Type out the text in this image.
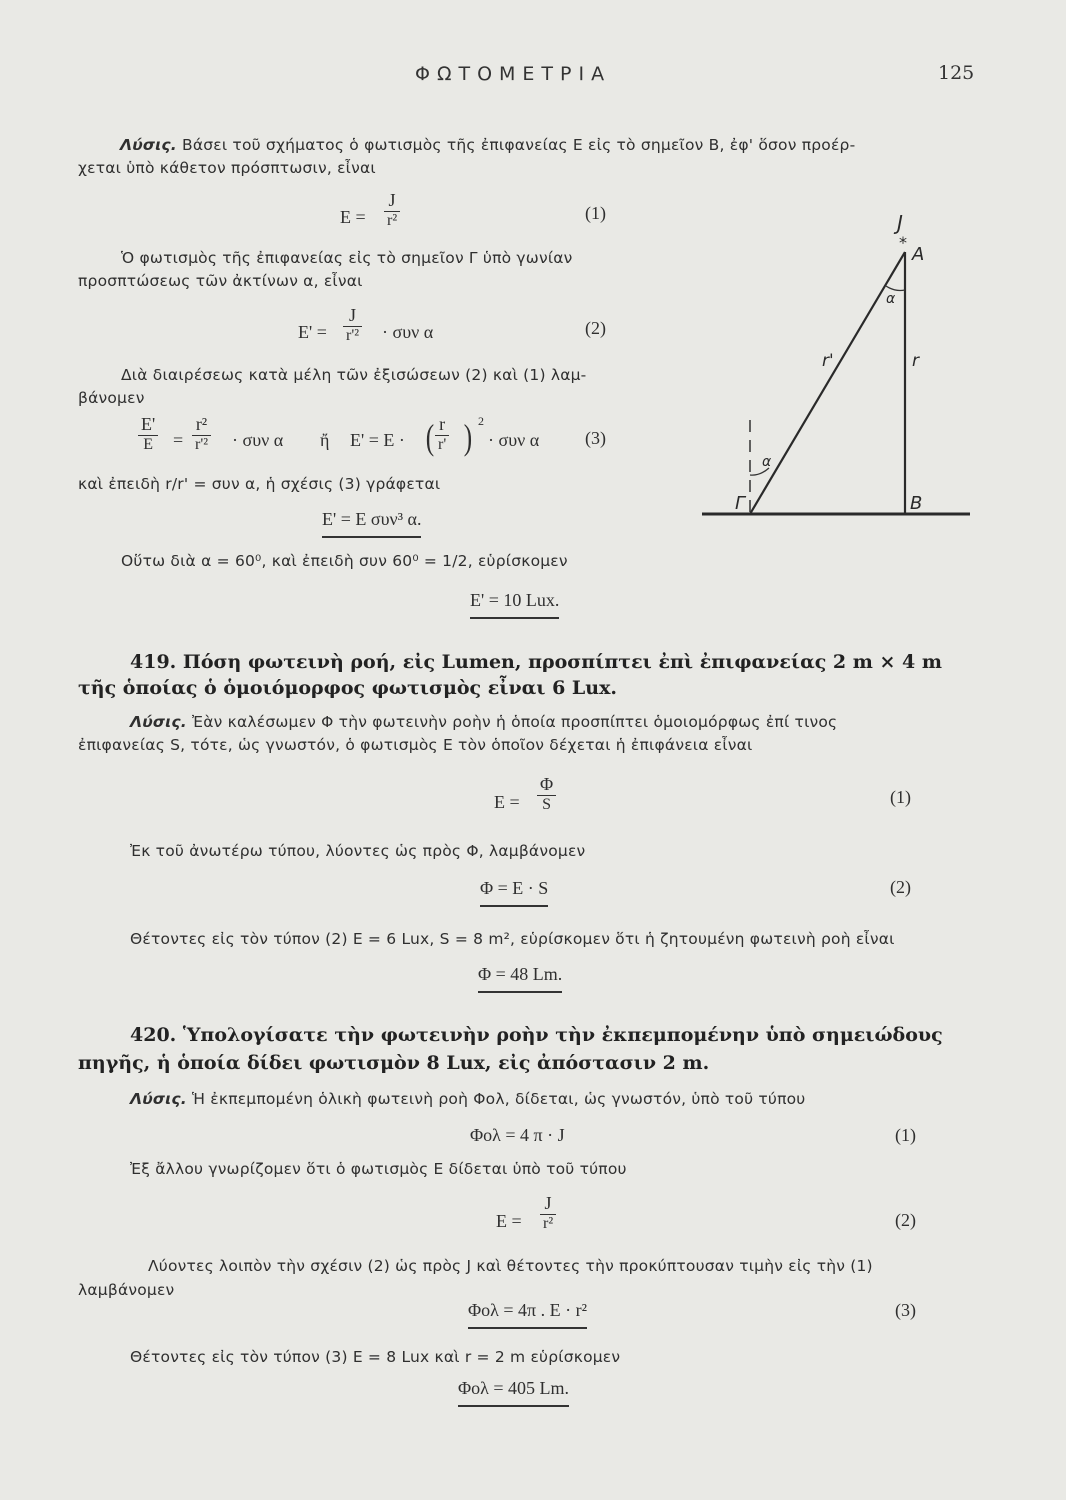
ΦΩΤΟΜΕΤΡΙΑ	125
Λύσις. Βάσει τοῦ σχήματος ὁ φωτισμὸς τῆς ἐπιφανείας Ε εἰς τὸ σημεῖον Β, ἐφ' ὅσον προέρ-
χεται ὑπὸ κάθετον πρόσπτωσιν, εἶναι
$E = \frac{J}{\text{r²}}$	(1)
Ὁ φωτισμὸς τῆς ἐπιφανείας εἰς τὸ σημεῖον Γ ὑπὸ γωνίαν
προσπτώσεως τῶν ἀκτίνων α, εἶναι
$E' = \frac{J}{\text{r'²}} \cdot \sigma\upsilon\nu$ α	(2)
Διὰ διαιρέσεως κατὰ μέλη τῶν ἐξισώσεων (2) καὶ (1) λαμ-
βάνομεν
$\frac{E'}{E} = \frac{\text{r²}}{\text{r'²}} \cdot \sigma\upsilon\nu$ α ἤ E' = E · ( $\frac{r}{r'}$ ) 2
· συν α	(3)
καὶ ἐπειδὴ r/r' = συν α, ἡ σχέσις (3) γράφεται
E' = E συν³ α.
Οὕτω διὰ α = 60⁰, καὶ ἐπειδὴ συν 60⁰ = 1/2, εὑρίσκομεν
E' = 10 Lux.
J
*
A
α
r'	r
α
Γ	B
419. Πόση φωτεινὴ ροή, εἰς Lumen, προσπίπτει ἐπὶ ἐπιφανείας 2 m × 4 m
τῆς ὁποίας ὁ ὁμοιόμορφος φωτισμὸς εἶναι 6 Lux.
Λύσις. Ἐὰν καλέσωμεν Φ τὴν φωτεινὴν ροὴν ἡ ὁποία προσπίπτει ὁμοιομόρφως ἐπί τινος
ἐπιφανείας S, τότε, ὡς γνωστόν, ὁ φωτισμὸς Ε τὸν ὁποῖον δέχεται ἡ ἐπιφάνεια εἶναι
$E = \frac{\Phi}{S}$	(1)
Ἐκ τοῦ ἀνωτέρω τύπου, λύοντες ὡς πρὸς Φ, λαμβάνομεν
Φ = E · S	(2)
Θέτοντες εἰς τὸν τύπον (2) E = 6 Lux, S = 8 m², εὑρίσκομεν ὅτι ἡ ζητουμένη φωτεινὴ ροὴ εἶναι
Φ = 48 Lm.
420. Ὑπολογίσατε τὴν φωτεινὴν ροὴν τὴν ἐκπεμπομένην ὑπὸ σημειώδους
πηγῆς, ἡ ὁποία δίδει φωτισμὸν 8 Lux, εἰς ἀπόστασιν 2 m.
Λύσις. Ἡ ἐκπεμπομένη ὁλικὴ φωτεινὴ ροὴ Φολ, δίδεται, ὡς γνωστόν, ὑπὸ τοῦ τύπου
Φολ = 4 π · J	(1)
Ἐξ ἄλλου γνωρίζομεν ὅτι ὁ φωτισμὸς Ε δίδεται ὑπὸ τοῦ τύπου
$E = \frac{J}{\text{r²}}$	(2)
Λύοντες λοιπὸν τὴν σχέσιν (2) ὡς πρὸς J καὶ θέτοντες τὴν προκύπτουσαν τιμὴν εἰς τὴν (1)
λαμβάνομεν
Φολ = 4π . E · r²	(3)
Θέτοντες εἰς τὸν τύπον (3) E = 8 Lux καὶ r = 2 m εὑρίσκομεν
Φολ = 405 Lm.
